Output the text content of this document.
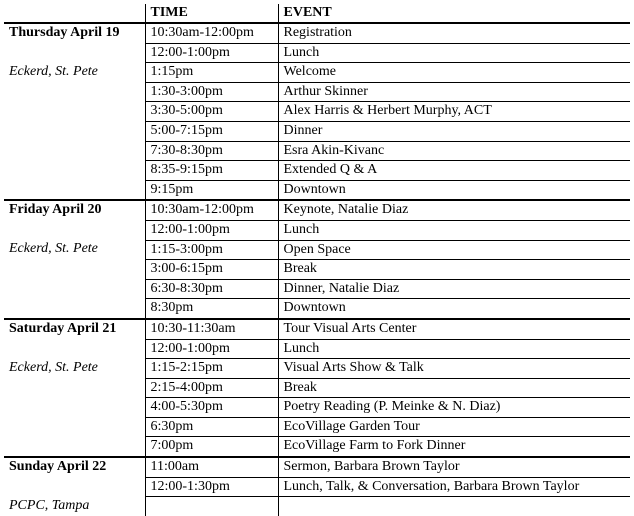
	TIME	EVENT
Thursday April 19	10:30am-12:00pm	Registration
	12:00-1:00pm	Lunch
Eckerd, St. Pete	1:15pm	Welcome
	1:30-3:00pm	Arthur Skinner
	3:30-5:00pm	Alex Harris & Herbert Murphy, ACT
	5:00-7:15pm	Dinner
	7:30-8:30pm	Esra Akin-Kivanc
	8:35-9:15pm	Extended Q & A
	9:15pm	Downtown
Friday April 20	10:30am-12:00pm	Keynote, Natalie Diaz
	12:00-1:00pm	Lunch
Eckerd, St. Pete	1:15-3:00pm	Open Space
	3:00-6:15pm	Break
	6:30-8:30pm	Dinner, Natalie Diaz
	8:30pm	Downtown
Saturday April 21	10:30-11:30am	Tour Visual Arts Center
	12:00-1:00pm	Lunch
Eckerd, St. Pete	1:15-2:15pm	Visual Arts Show & Talk
	2:15-4:00pm	Break
	4:00-5:30pm	Poetry Reading (P. Meinke & N. Diaz)
	6:30pm	EcoVillage Garden Tour
	7:00pm	EcoVillage Farm to Fork Dinner
Sunday April 22	11:00am	Sermon, Barbara Brown Taylor
	12:00-1:30pm	Lunch, Talk, & Conversation, Barbara Brown Taylor
PCPC, Tampa		
